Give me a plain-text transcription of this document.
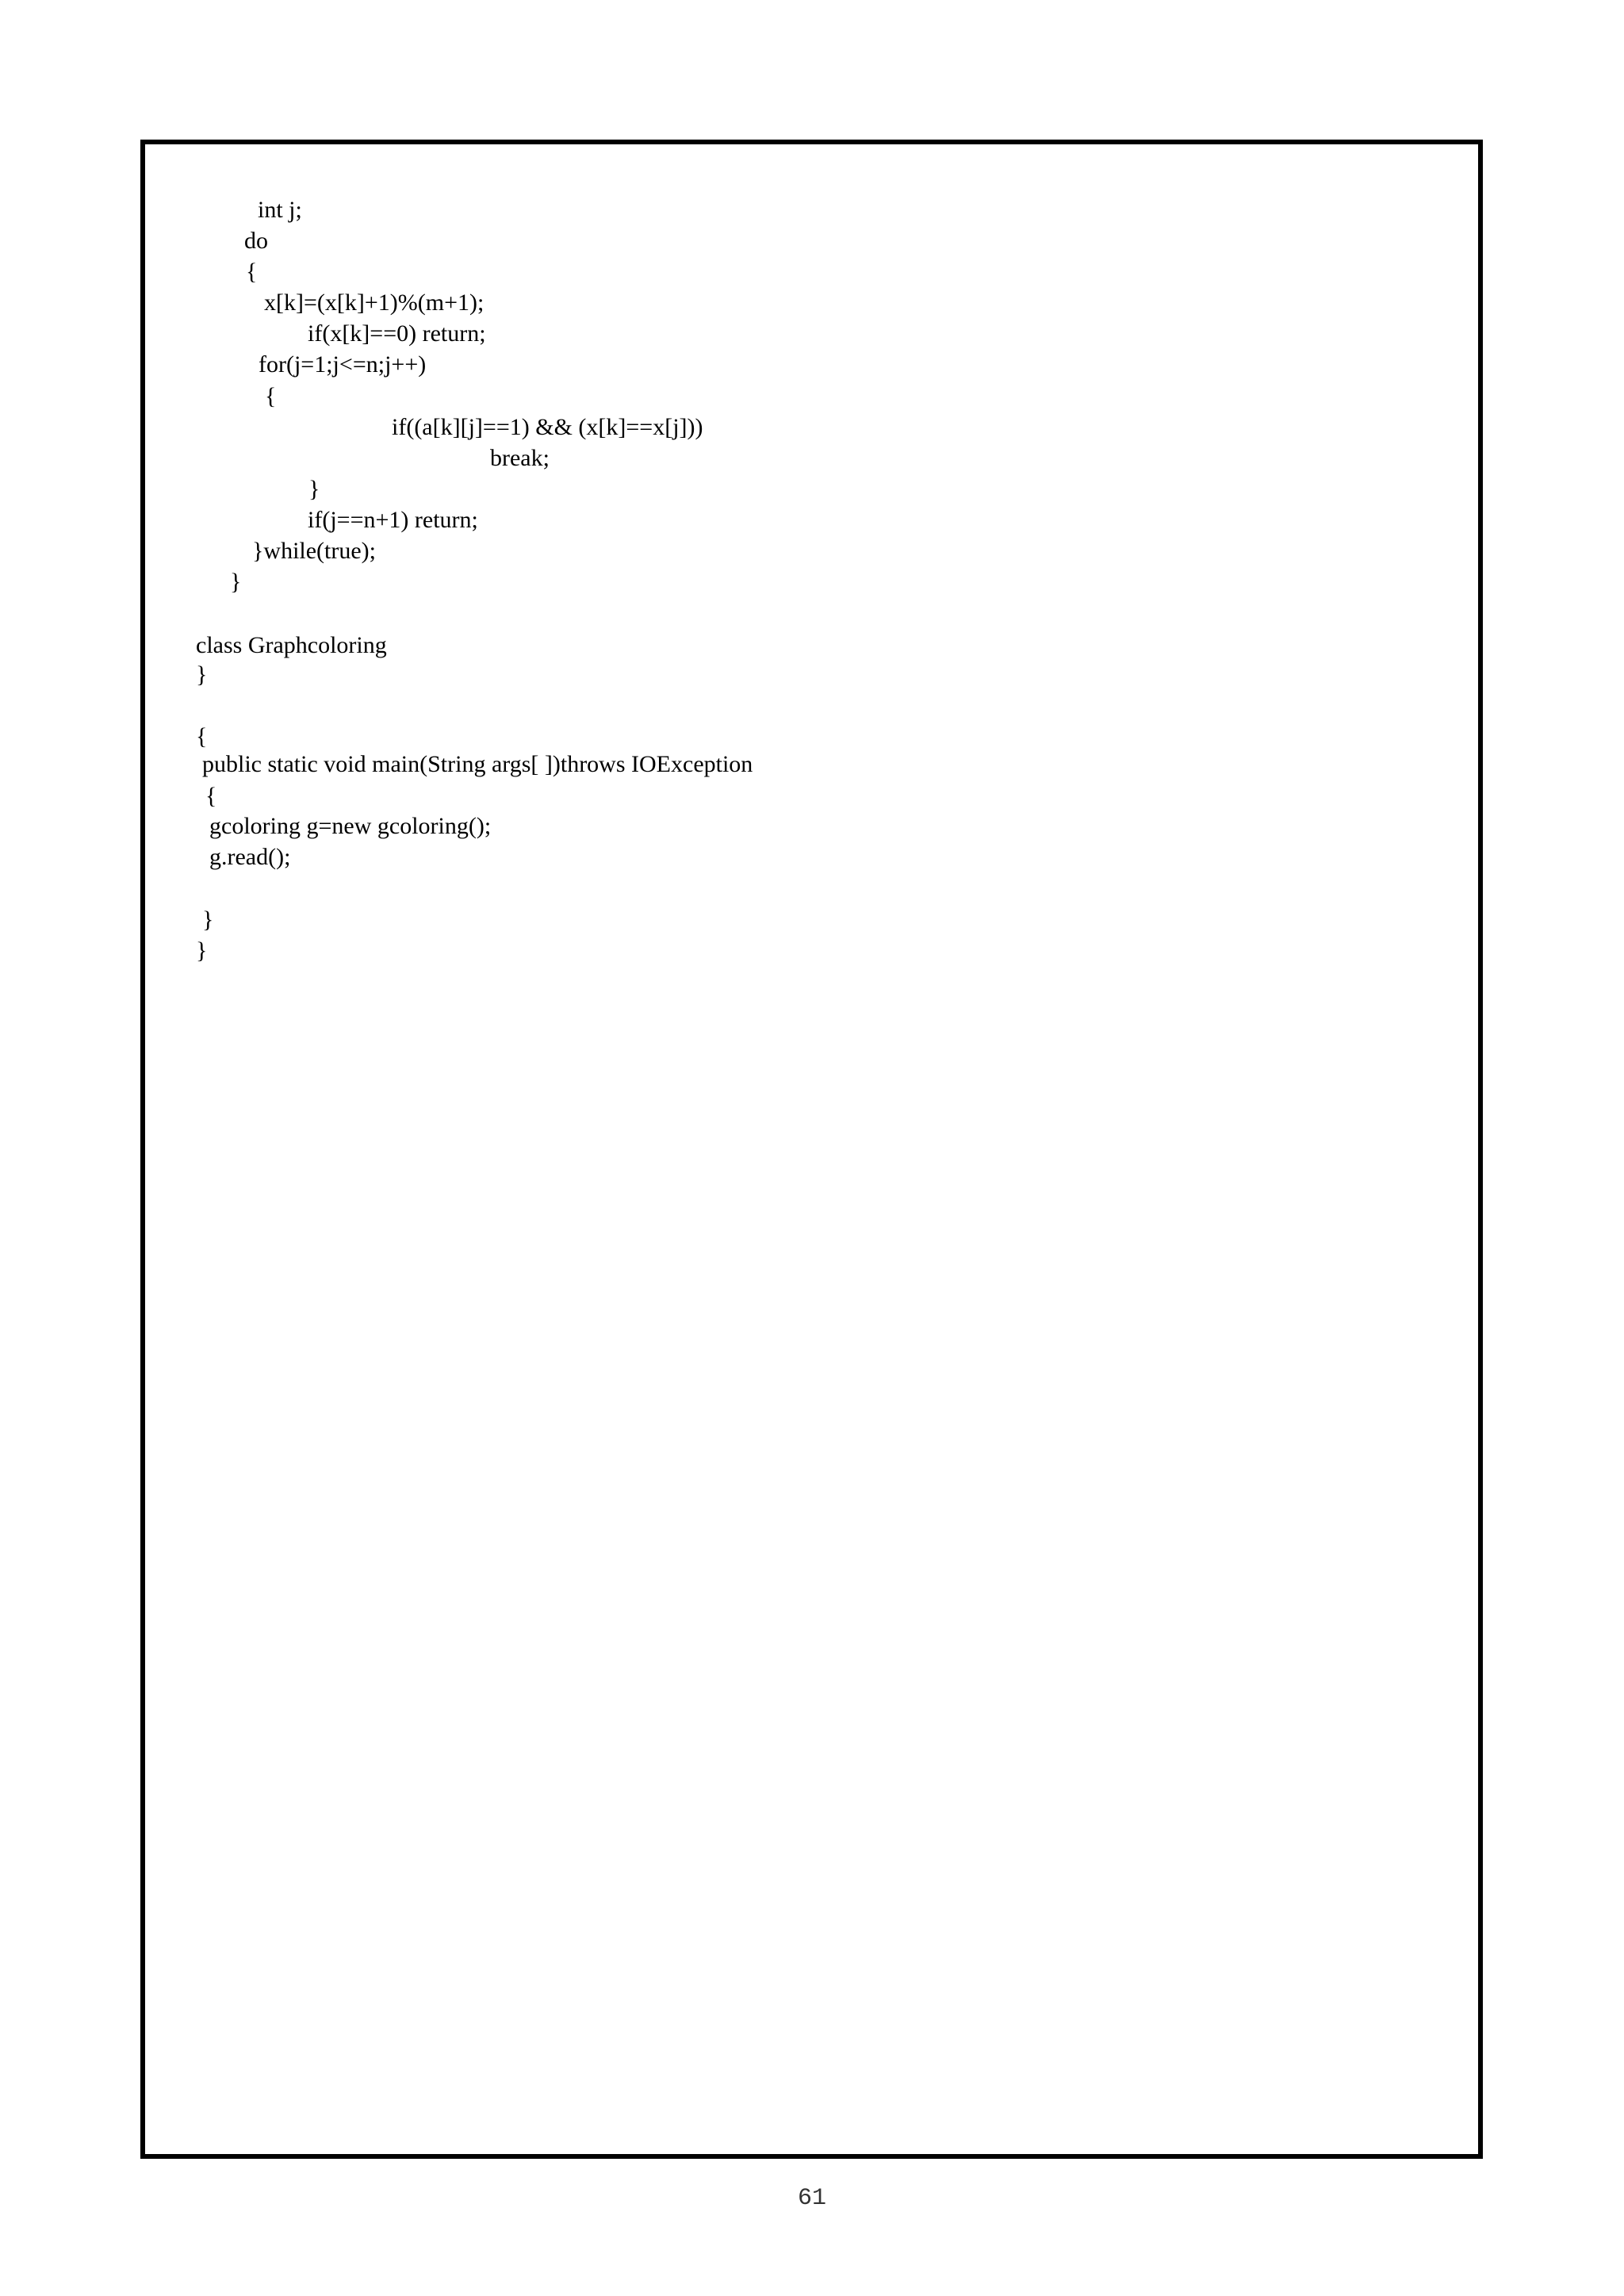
int j;

do

{

x[k]=(x[k]+1)%(m+1);

if(x[k]==0) return;

for(j=1;j<=n;j++)

{

if((a[k][j]==1) && (x[k]==x[j]))

break;

}

if(j==n+1) return;

}while(true);

}

class Graphcoloring

}

{

public static void main(String args[ ])throws IOException

{

gcoloring g=new gcoloring();

g.read();

}

}

61
